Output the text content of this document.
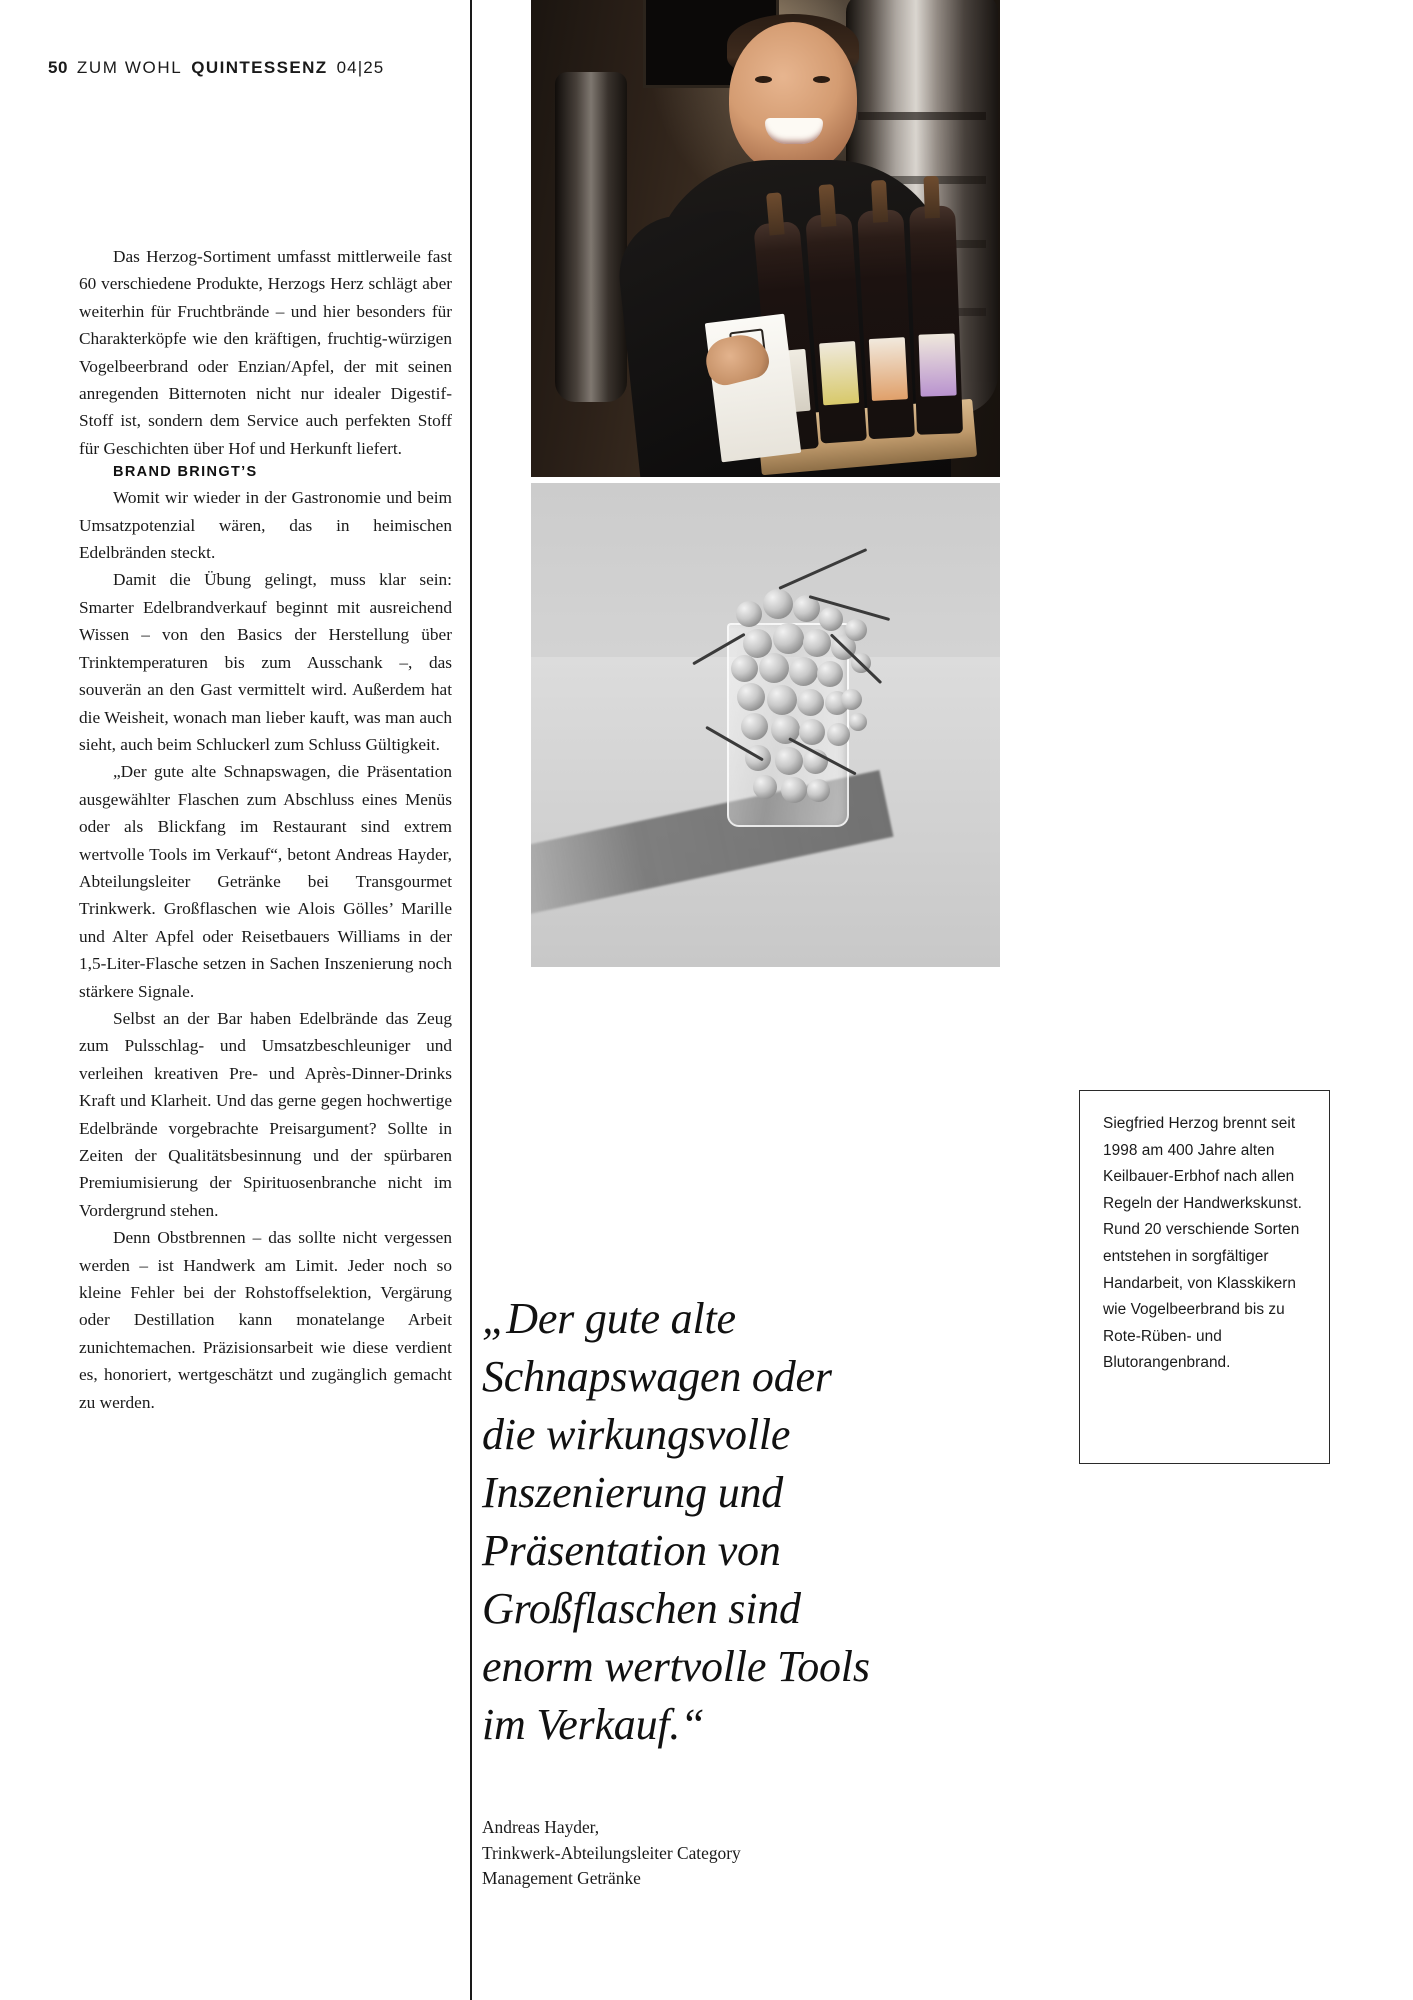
50 ZUM WOHL QUINTESSENZ 04|25

Das Herzog-Sortiment umfasst mittlerweile fast 60 verschiedene Produkte, Herzogs Herz schlägt aber weiterhin für Fruchtbrände – und hier besonders für Charakterköpfe wie den kräftigen, fruchtig-würzigen Vogelbeerbrand oder Enzian/Apfel, der mit seinen anregenden Bitternoten nicht nur idealer Digestif-Stoff ist, sondern dem Service auch perfekten Stoff für Geschichten über Hof und Herkunft liefert.

BRAND BRINGT’S

Womit wir wieder in der Gastronomie und beim Umsatzpotenzial wären, das in heimischen Edelbränden steckt.

Damit die Übung gelingt, muss klar sein: Smarter Edelbrandverkauf beginnt mit ausreichend Wissen – von den Basics der Herstellung über Trinktemperaturen bis zum Ausschank –, das souverän an den Gast vermittelt wird. Außerdem hat die Weisheit, wonach man lieber kauft, was man auch sieht, auch beim Schluckerl zum Schluss Gültigkeit.

„Der gute alte Schnapswagen, die Präsentation ausgewählter Flaschen zum Abschluss eines Menüs oder als Blickfang im Restaurant sind extrem wertvolle Tools im Verkauf“, betont Andreas Hayder, Abteilungsleiter Getränke bei Transgourmet Trinkwerk. Großflaschen wie Alois Gölles’ Marille und Alter Apfel oder Reisetbauers Williams in der 1,5-Liter-Flasche setzen in Sachen Inszenierung noch stärkere Signale.

Selbst an der Bar haben Edelbrände das Zeug zum Pulsschlag- und Umsatzbeschleuniger und verleihen kreativen Pre- und Après-Dinner-Drinks Kraft und Klarheit. Und das gerne gegen hochwertige Edelbrände vorgebrachte Preisargument? Sollte in Zeiten der Qualitätsbesinnung und der spürbaren Premiumisierung der Spirituosenbranche nicht im Vordergrund stehen.

Denn Obstbrennen – das sollte nicht vergessen werden – ist Handwerk am Limit. Jeder noch so kleine Fehler bei der Rohstoffselektion, Vergärung oder Destillation kann monatelange Arbeit zunichtemachen. Präzisionsarbeit wie diese verdient es, honoriert, wertgeschätzt und zugänglich gemacht zu werden.

Siegfried Herzog brennt seit 1998 am 400 Jahre alten Keilbauer-Erbhof nach allen Regeln der Handwerkskunst. Rund 20 verschiende Sorten entstehen in sorgfältiger Handarbeit, von Klasskikern wie Vogelbeerbrand bis zu Rote-Rüben- und Blutorangenbrand.
„Der gute alte Schnapswagen oder die wirkungsvolle Inszenierung und Präsentation von Großflaschen sind enorm wertvolle Tools im Verkauf.“
Andreas Hayder,
Trinkwerk-Abteilungsleiter Category
Management Getränke
